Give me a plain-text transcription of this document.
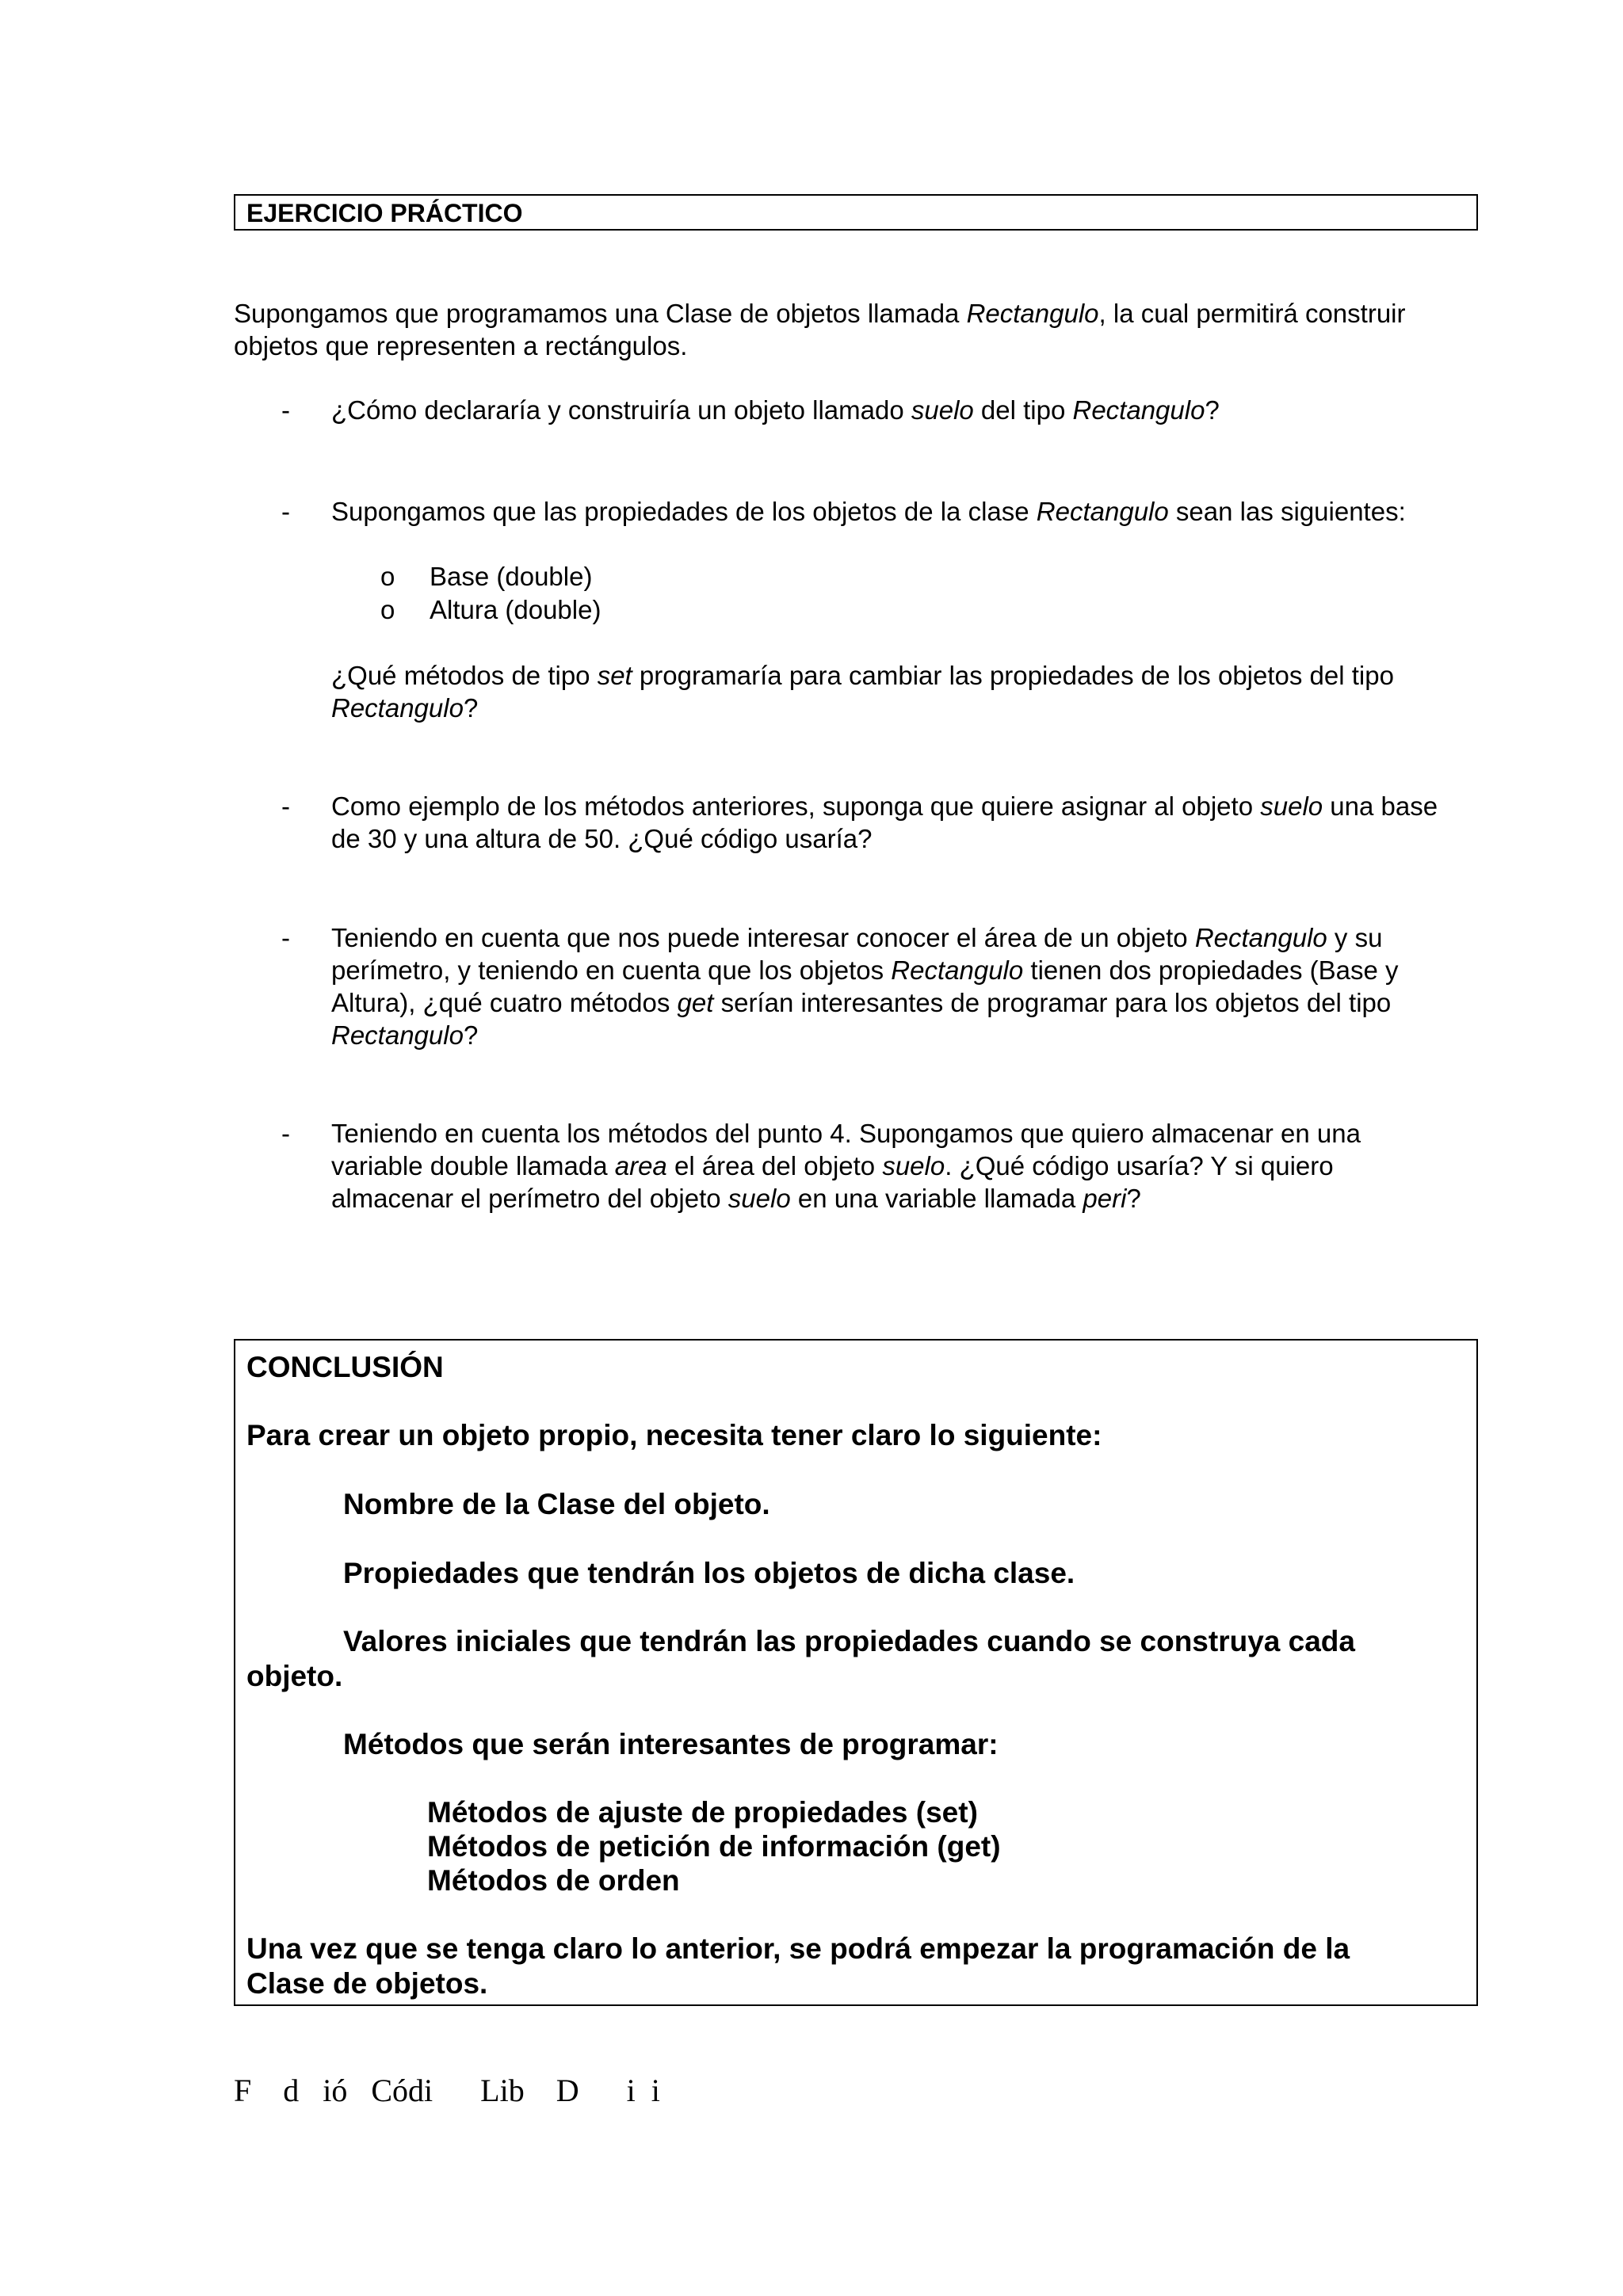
EJERCICIO PRÁCTICO
Supongamos que programamos una Clase de objetos llamada Rectangulo, la cual permitirá construir objetos que representen a rectángulos.
- ¿Cómo declararía y construiría un objeto llamado suelo del tipo Rectangulo?
- Supongamos que las propiedades de los objetos de la clase Rectangulo sean las siguientes:
o Base (double)
o Altura (double)
¿Qué métodos de tipo set programaría para cambiar las propiedades de los objetos del tipo Rectangulo?
- Como ejemplo de los métodos anteriores, suponga que quiere asignar al objeto suelo una base de 30 y una altura de 50. ¿Qué código usaría?
- Teniendo en cuenta que nos puede interesar conocer el área de un objeto Rectangulo y su perímetro, y teniendo en cuenta que los objetos Rectangulo tienen dos propiedades (Base y Altura), ¿qué cuatro métodos get serían interesantes de programar para los objetos del tipo Rectangulo?
- Teniendo en cuenta los métodos del punto 4. Supongamos que quiero almacenar en una variable double llamada area el área del objeto suelo. ¿Qué código usaría? Y si quiero almacenar el perímetro del objeto suelo en una variable llamada peri?
CONCLUSIÓN
Para crear un objeto propio, necesita tener claro lo siguiente:
Nombre de la Clase del objeto.
Propiedades que tendrán los objetos de dicha clase.
Valores iniciales que tendrán las propiedades cuando se construya cada
objeto.
Métodos que serán interesantes de programar:
Métodos de ajuste de propiedades (set)
Métodos de petición de información (get)
Métodos de orden
Una vez que se tenga claro lo anterior, se podrá empezar la programación de la
Clase de objetos.
F    d   ió   Códi      Lib    D      i  i
